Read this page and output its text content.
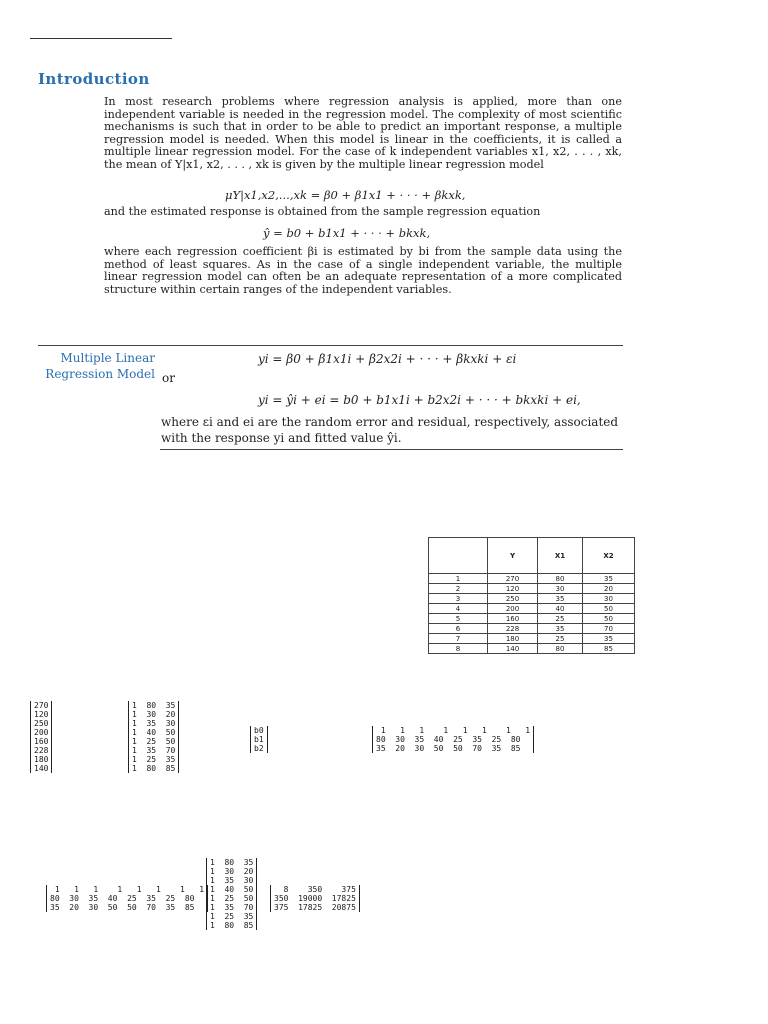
Introduction
In most research problems where regression analysis is applied, more than one independent variable is needed in the regression model. The complexity of most scientific mechanisms is such that in order to be able to predict an important response, a multiple regression model is needed. When this model is linear in the coefficients, it is called a multiple linear regression model. For the case of k independent variables x1, x2, . . . , xk, the mean of Y|x1, x2, . . . , xk is given by the multiple linear regression model
μY|x1,x2,...,xk = β0 + β1x1 + · · · + βkxk,
and the estimated response is obtained from the sample regression equation
ŷ = b0 + b1x1 + · · · + bkxk,
where each regression coefficient βi is estimated by bi from the sample data using the method of least squares. As in the case of a single independent variable, the multiple linear regression model can often be an adequate representation of a more complicated structure within certain ranges of the independent variables.
Multiple Linear Regression Model or
yi = β0 + β1x1i + β2x2i + · · · + βkxki + εi
yi = ŷi + ei = b0 + b1x1i + b2x2i + · · · + bkxki + ei,
where εi and ei are the random error and residual, respectively, associated with the response yi and fitted value ŷi.
	Y	X1	X2
1	270	80	35
2	120	30	20
3	250	35	30
4	200	40	50
5	160	25	50
6	228	35	70
7	180	25	35
8	140	80	85
270
120
250
200
160
228
180
140
1  80  35
1  30  20
1  35  30
1  40  50
1  25  50
1  35  70
1  25  35
1  80  85
b0
b1
b2
1   1   1    1   1   1    1   1
80  30  35  40  25  35  25  80
35  20  30  50  50  70  35  85
1   1   1    1   1   1    1   1
80  30  35  40  25  35  25  80
35  20  30  50  50  70  35  85
1  80  35
1  30  20
1  35  30
1  40  50
1  25  50
1  35  70
1  25  35
1  80  85
8    350    375
350  19000  17825
375  17825  20875
